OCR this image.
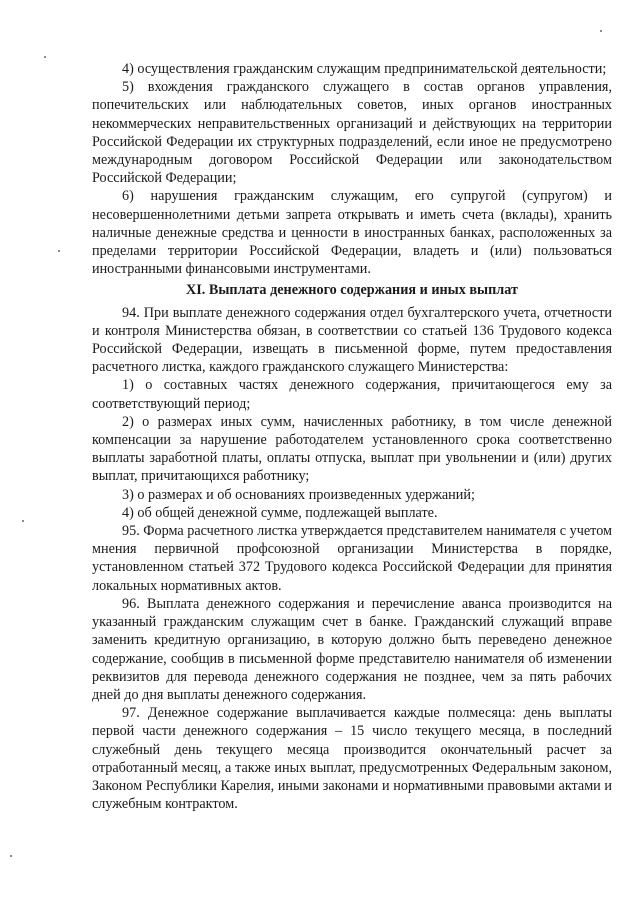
4) осуществления гражданским служащим предпринимательской деятельности;

5) вхождения гражданского служащего в состав органов управления, попечительских или наблюдательных советов, иных органов иностранных некоммерческих неправительственных организаций и действующих на территории Российской Федерации их структурных подразделений, если иное не предусмотрено международным договором Российской Федерации или законодательством Российской Федерации;

6) нарушения гражданским служащим, его супругой (супругом) и несовершеннолетними детьми запрета открывать и иметь счета (вклады), хранить наличные денежные средства и ценности в иностранных банках, расположенных за пределами территории Российской Федерации, владеть и (или) пользоваться иностранными финансовыми инструментами.

XI. Выплата денежного содержания и иных выплат

94. При выплате денежного содержания отдел бухгалтерского учета, отчетности и контроля Министерства обязан, в соответствии со статьей 136 Трудового кодекса Российской Федерации, извещать в письменной форме, путем предоставления расчетного листка, каждого гражданского служащего Министерства:

1) о составных частях денежного содержания, причитающегося ему за соответствующий период;

2) о размерах иных сумм, начисленных работнику, в том числе денежной компенсации за нарушение работодателем установленного срока соответственно выплаты заработной платы, оплаты отпуска, выплат при увольнении и (или) других выплат, причитающихся работнику;

3) о размерах и об основаниях произведенных удержаний;

4) об общей денежной сумме, подлежащей выплате.

95. Форма расчетного листка утверждается представителем нанимателя с учетом мнения первичной профсоюзной организации Министерства в порядке, установленном статьей 372 Трудового кодекса Российской Федерации для принятия локальных нормативных актов.

96. Выплата денежного содержания и перечисление аванса производится на указанный гражданским служащим счет в банке. Гражданский служащий вправе заменить кредитную организацию, в которую должно быть переведено денежное содержание, сообщив в письменной форме представителю нанимателя об изменении реквизитов для перевода денежного содержания не позднее, чем за пять рабочих дней до дня выплаты денежного содержания.

97. Денежное содержание выплачивается каждые полмесяца: день выплаты первой части денежного содержания – 15 число текущего месяца, в последний служебный день текущего месяца производится окончательный расчет за отработанный месяц, а также иных выплат, предусмотренных Федеральным законом, Законом Республики Карелия, иными законами и нормативными правовыми актами и служебным контрактом.
